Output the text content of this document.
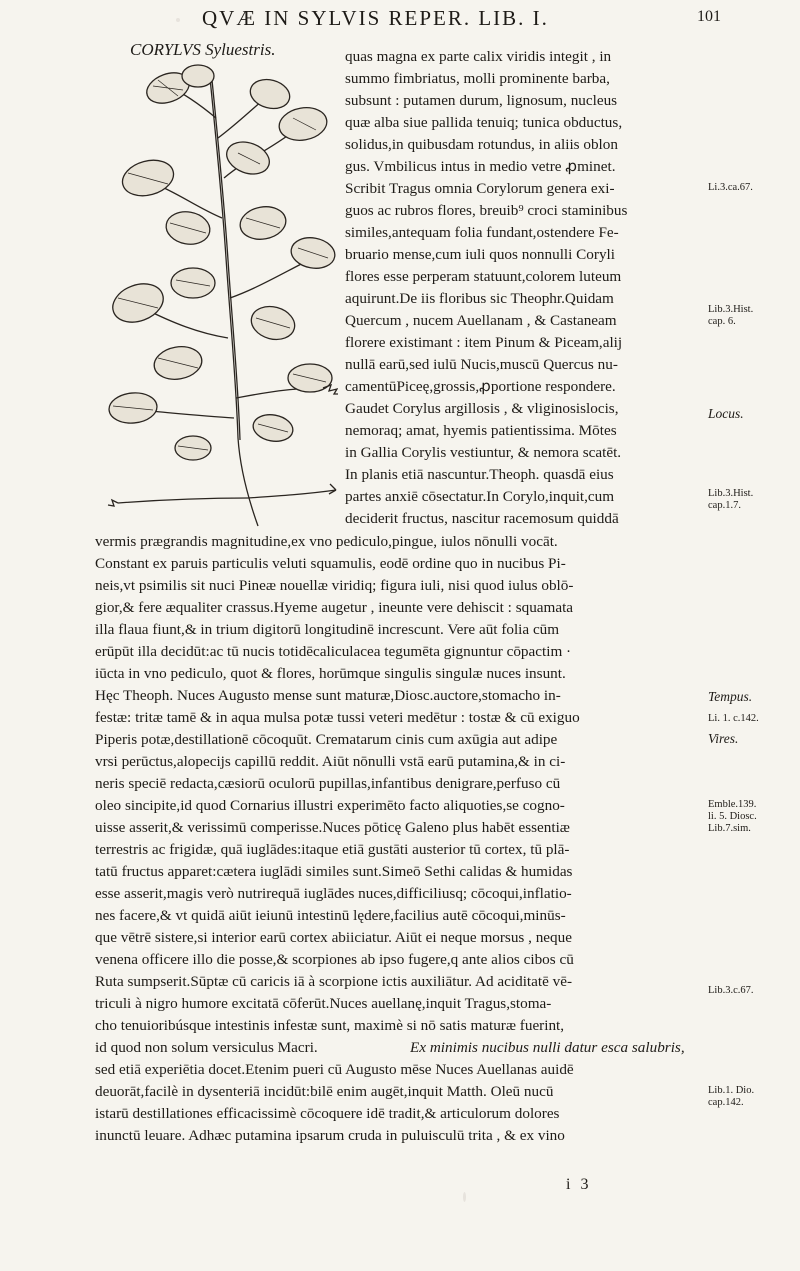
QVÆ IN SYLVIS REPER. LIB. I.	101
CORYLVS Syluestris.	quas magna ex parte calix viridis integit , in
summo fimbriatus, molli prominente barba,
subsunt : putamen durum, lignosum, nucleus
quæ alba siue pallida tenuiq; tunica obductus,
solidus,in quibusdam rotundus, in aliis oblon
gus. Vmbilicus intus in medio vetre ꝓminet.
Scribit Tragus omnia Corylorum genera exi-
guos ac rubros flores, breuib⁹ croci staminibus
similes,antequam folia fundant,ostendere Fe-
bruario mense,cum iuli quos nonnulli Coryli
flores esse perperam statuunt,colorem luteum
aquirunt.De iis floribus sic Theophr.Quidam
Quercum , nucem Auellanam , & Castaneam
florere existimant : item Pinum & Piceam,alij
nullā earū,sed iulū Nucis,muscū Quercus nu-
camentūPiceę,grossis,ꝓportione respondere.
Gaudet Corylus argillosis , & vliginosislocis,
nemoraq; amat, hyemis patientissima. Mōtes
in Gallia Corylis vestiuntur, & nemora scatēt.
In planis etiā nascuntur.Theoph. quasdā eius
partes anxiē cōsectatur.In Corylo,inquit,cum
deciderit fructus, nascitur racemosum quiddā
vermis prægrandis magnitudine,ex vno pediculo,pingue, iulos nōnulli vocāt.
Constant ex paruis particulis veluti squamulis, eodē ordine quo in nucibus Pi-
neis,vt psimilis sit nuci Pineæ nouellæ viridiq; figura iuli, nisi quod iulus oblō-
gior,& fere æqualiter crassus.Hyeme augetur , ineunte vere dehiscit : squamata
illa flaua fiunt,& in trium digitorū longitudinē increscunt. Vere aūt folia cūm
erūpūt illa decidūt:ac tū nucis totidēcaliculacea tegumēta gignuntur cōpactim ·
iūcta in vno pediculo, quot & flores, horūmque singulis singulæ nuces insunt.
Hęc Theoph. Nuces Augusto mense sunt maturæ,Diosc.auctore,stomacho in-
festæ: tritæ tamē & in aqua mulsa potæ tussi veteri medētur : tostæ & cū exiguo
Piperis potæ,destillationē cōcoquūt. Crematarum cinis cum axūgia aut adipe
vrsi perūctus,alopecijs capillū reddit. Aiūt nōnulli vstā earū putamina,& in ci-
neris speciē redacta,cæsiorū oculorū pupillas,infantibus denigrare,perfuso cū
oleo sincipite,id quod Cornarius illustri experimēto facto aliquoties,se cogno-
uisse asserit,& verissimū comperisse.Nuces pōticę Galeno plus habēt essentiæ
terrestris ac frigidæ, quā iuglādes:itaque etiā gustāti austerior tū cortex, tū plā-
tatū fructus apparet:cætera iuglādi similes sunt.Simeō Sethi calidas & humidas
esse asserit,magis verò nutrirequā iuglādes nuces,difficiliusq; cōcoqui,inflatio-
nes facere,& vt quidā aiūt ieiunū intestinū lędere,facilius autē cōcoqui,minūs-
que vētrē sistere,si interior earū cortex abiiciatur. Aiūt ei neque morsus , neque
venena officere illo die posse,& scorpiones ab ipso fugere,q ante alios cibos cū
Ruta sumpserit.Sūptæ cū caricis iā à scorpione ictis auxiliātur. Ad aciditatē vē-
triculi à nigro humore excitatā cōferūt.Nuces auellanę,inquit Tragus,stoma-
cho tenuioribúsque intestinis infestæ sunt, maximè si nō satis maturæ fuerint,
id quod non solum versiculus Macri.	Ex minimis nucibus nulli datur esca salubris,
sed etiā experiētia docet.Etenim pueri cū Augusto mēse Nuces Auellanas auidē
deuorāt,facilè in dysenteriā incidūt:bilē enim augēt,inquit Matth. Oleū nucū
istarū destillationes efficacissimè cōcoquere idē tradit,& articulorum dolores
inunctū leuare. Adhæc putamina ipsarum cruda in puluisculū trita , & ex vino
Li.3.ca.67.
Lib.3.Hist.
cap. 6.
Locus.
Lib.3.Hist.
cap.1.7.
Tempus.
Li. 1. c.142.
Vires.
Emble.139.
li. 5. Diosc.
Lib.7.sim.
Lib.3.c.67.
Lib.1. Dio.
cap.142.
i 3
